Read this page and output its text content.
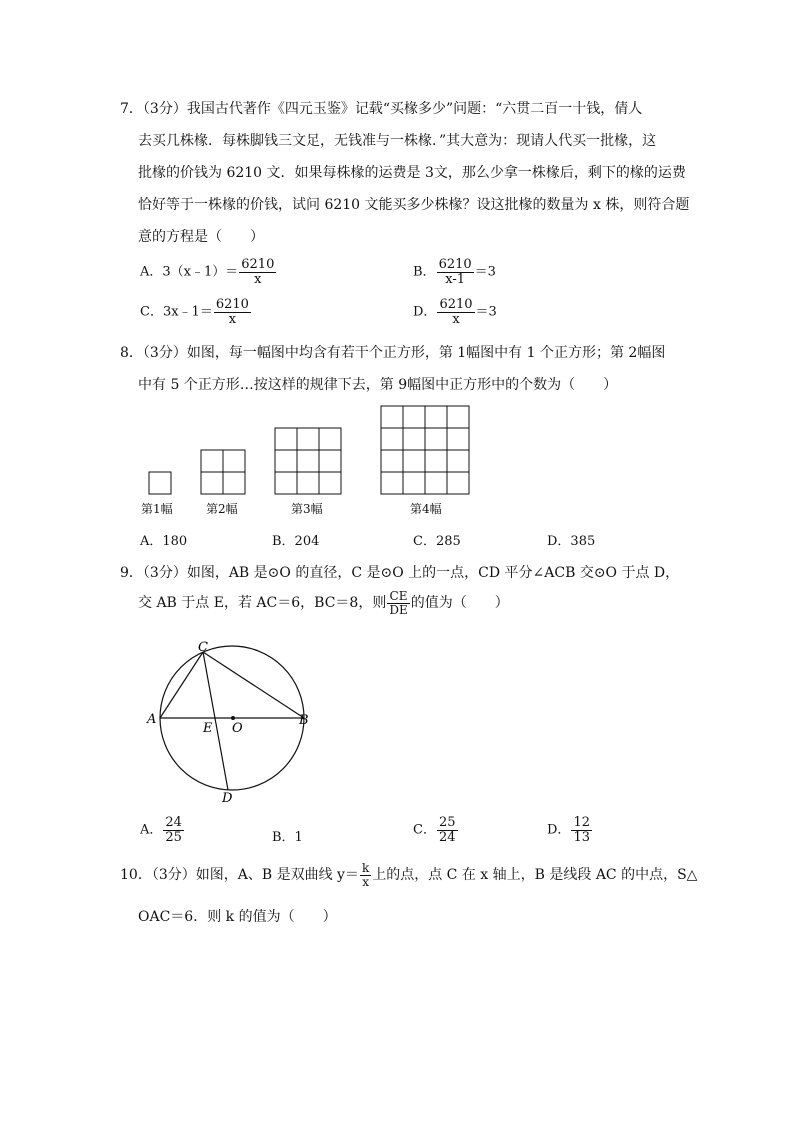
7．（3分）我国古代著作《四元玉鉴》记载“买椽多少”问题：“六贯二百一十钱，倩人
去买几株椽．每株脚钱三文足，无钱准与一株椽．”其大意为：现请人代买一批椽，这
批椽的价钱为 6210 文．如果每株椽的运费是 3文，那么少拿一株椽后，剩下的椽的运费
恰好等于一株椽的价钱，试问 6210 文能买多少株椽？设这批椽的数量为 x 株，则符合题
意的方程是（　　）
A．3（x﹣1）＝ $\frac{6210}{x}$	B． $\frac{6210}{x-1} =3$
C．3x﹣1＝ $\frac{6210}{x}$	D． $\frac{6210}{x} =3$
8．（3分）如图，每一幅图中均含有若干个正方形，第 1幅图中有 1 个正方形；第 2幅图
中有 5 个正方形…按这样的规律下去，第 9幅图中正方形中的个数为（　　）
第1幅	第2幅	第3幅	第4幅
A．180	B．204	C．285	D．385
9．（3分）如图，AB 是⊙O 的直径，C 是⊙O 上的一点，CD 平分∠ACB 交⊙O 于点 D，
交 AB 于点 E，若 AC＝6，BC＝8，则 $\frac{CE}{DE}$ 的值为（　　）
C
A	B
E O
D
A． $\frac{24}{25}$	B．1	C． $\frac{25}{24}$	D． $\frac{12}{13}$
10．（3分）如图，A、B 是双曲线 $y= \frac{k}{x}$ 上的点，点 C 在 x 轴上，B 是线段 AC 的中点，S△
OAC＝6．则 k 的值为（　　）
